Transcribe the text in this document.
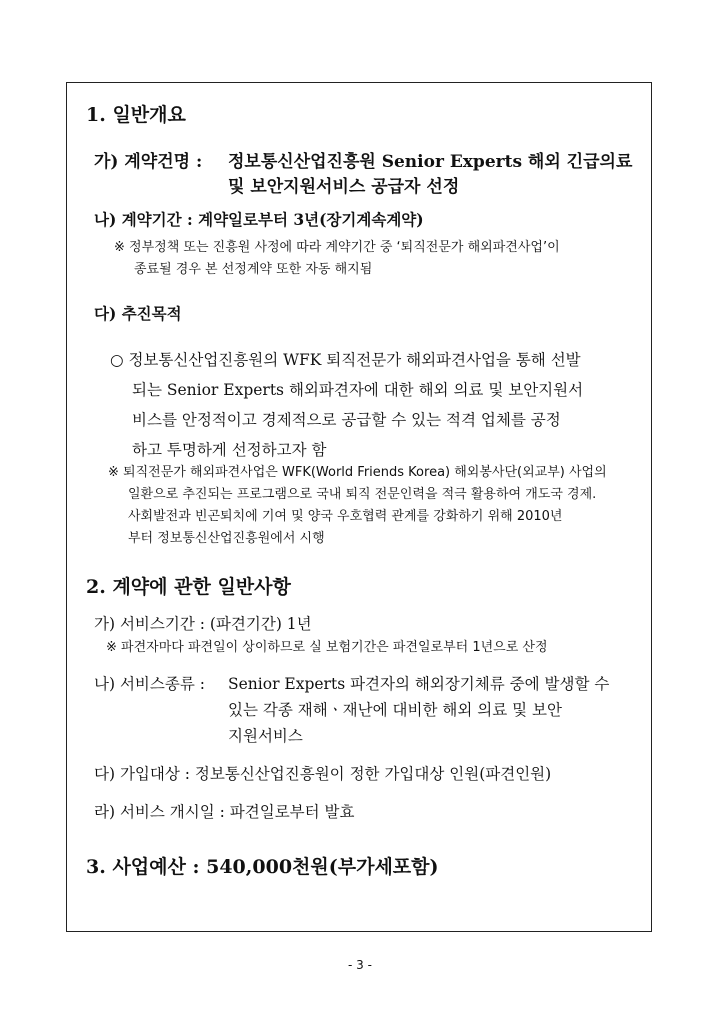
1. 일반개요
가) 계약건명 : 정보통신산업진흥원 Senior Experts 해외 긴급의료
및 보안지원서비스 공급자 선정
나) 계약기간 : 계약일로부터 3년(장기계속계약)
※ 정부정책 또는 진흥원 사정에 따라 계약기간 중 ‘퇴직전문가 해외파견사업’이
종료될 경우 본 선정계약 또한 자동 해지됨
다) 추진목적
○ 정보통신산업진흥원의 WFK 퇴직전문가 해외파견사업을 통해 선발
되는 Senior Experts 해외파견자에 대한 해외 의료 및 보안지원서
비스를 안정적이고 경제적으로 공급할 수 있는 적격 업체를 공정
하고 투명하게 선정하고자 함
※ 퇴직전문가 해외파견사업은 WFK(World Friends Korea) 해외봉사단(외교부) 사업의
일환으로 추진되는 프로그램으로 국내 퇴직 전문인력을 적극 활용하여 개도국 경제.
사회발전과 빈곤퇴치에 기여 및 양국 우호협력 관계를 강화하기 위해 2010년
부터 정보통신산업진흥원에서 시행
2. 계약에 관한 일반사항
가) 서비스기간 : (파견기간) 1년
※ 파견자마다 파견일이 상이하므로 실 보험기간은 파견일로부터 1년으로 산정
나) 서비스종류 : Senior Experts 파견자의 해외장기체류 중에 발생할 수
있는 각종 재해ㆍ재난에 대비한 해외 의료 및 보안
지원서비스
다) 가입대상 : 정보통신산업진흥원이 정한 가입대상 인원(파견인원)
라) 서비스 개시일 : 파견일로부터 발효
3. 사업예산 : 540,000천원(부가세포함)
- 3 -
